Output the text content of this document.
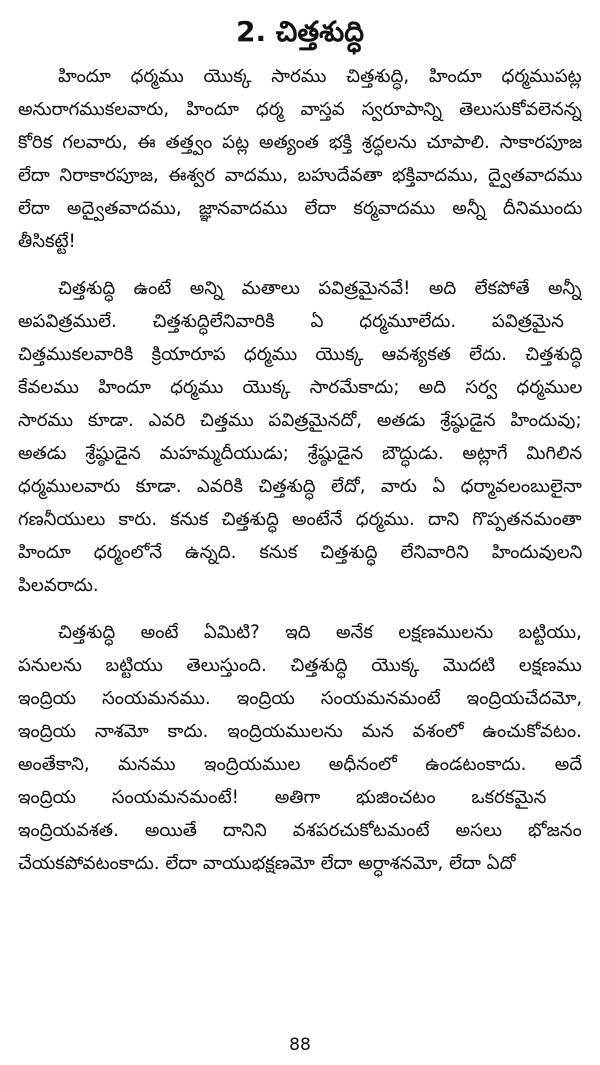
2. చిత్తశుద్ధి
హిందూ ధర్మము యొక్క సారము చిత్తశుద్ధి, హిందూ ధర్మముపట్ల
అనురాగముకలవారు, హిందూ ధర్మ వాస్తవ స్వరూపాన్ని తెలుసుకోవలెనన్న
కోరిక గలవారు, ఈ తత్త్వం పట్ల అత్యంత భక్తి శ్రద్ధలను చూపాలి. సాకారపూజ
లేదా నిరాకారపూజ, ఈశ్వర వాదము, బహుదేవతా భక్తివాదము, ద్వైతవాదము
లేదా అద్వైతవాదము, జ్ఞానవాదము లేదా కర్మవాదము అన్నీ దీనిముందు
తీసికట్టే!
చిత్తశుద్ధి ఉంటే అన్ని మతాలు పవిత్రమైనవే! అది లేకపోతే అన్నీ
అపవిత్రములే. చిత్తశుద్ధిలేనివారికి ఏ ధర్మమూలేదు. పవిత్రమైన
చిత్తముకలవారికి క్రియారూప ధర్మము యొక్క ఆవశ్యకత లేదు. చిత్తశుద్ధి
కేవలము హిందూ ధర్మము యొక్క సారమేకాదు; అది సర్వ ధర్మముల
సారము కూడా. ఎవరి చిత్తము పవిత్రమైనదో, అతడు శ్రేష్ఠుడైన హిందువు;
అతడు శ్రేష్ఠుడైన మహమ్మదీయుడు; శ్రేష్ఠుడైన బౌద్ధుడు. అట్లాగే మిగిలిన
ధర్మములవారు కూడా. ఎవరికి చిత్తశుద్ధి లేదో, వారు ఏ ధర్మావలంబులైనా
గణనీయులు కారు. కనుక చిత్తశుద్ధి అంటేనే ధర్మము. దాని గొప్పతనమంతా
హిందూ ధర్మంలోనే ఉన్నది. కనుక చిత్తశుద్ధి లేనివారిని హిందువులని
పిలవరాదు.
చిత్తశుద్ధి అంటే ఏమిటి? ఇది అనేక లక్షణములను బట్టియు,
పనులను బట్టియు తెలుస్తుంది. చిత్తశుద్ధి యొక్క మొదటి లక్షణము
ఇంద్రియ సంయమనము. ఇంద్రియ సంయమనమంటే ఇంద్రియచేదమో,
ఇంద్రియ నాశమో కాదు. ఇంద్రియములను మన వశంలో ఉంచుకోవటం.
అంతేకాని, మనము ఇంద్రియముల అధీనంలో ఉండటంకాదు. అదే
ఇంద్రియ సంయమనమంటే! అతిగా భుజించటం ఒకరకమైన
ఇంద్రియవశత. అయితే దానిని వశపరచుకోటమంటే అసలు భోజనం
చేయకపోవటంకాదు. లేదా వాయుభక్షణమో లేదా అర్ధాశనమో, లేదా ఏదో
88
